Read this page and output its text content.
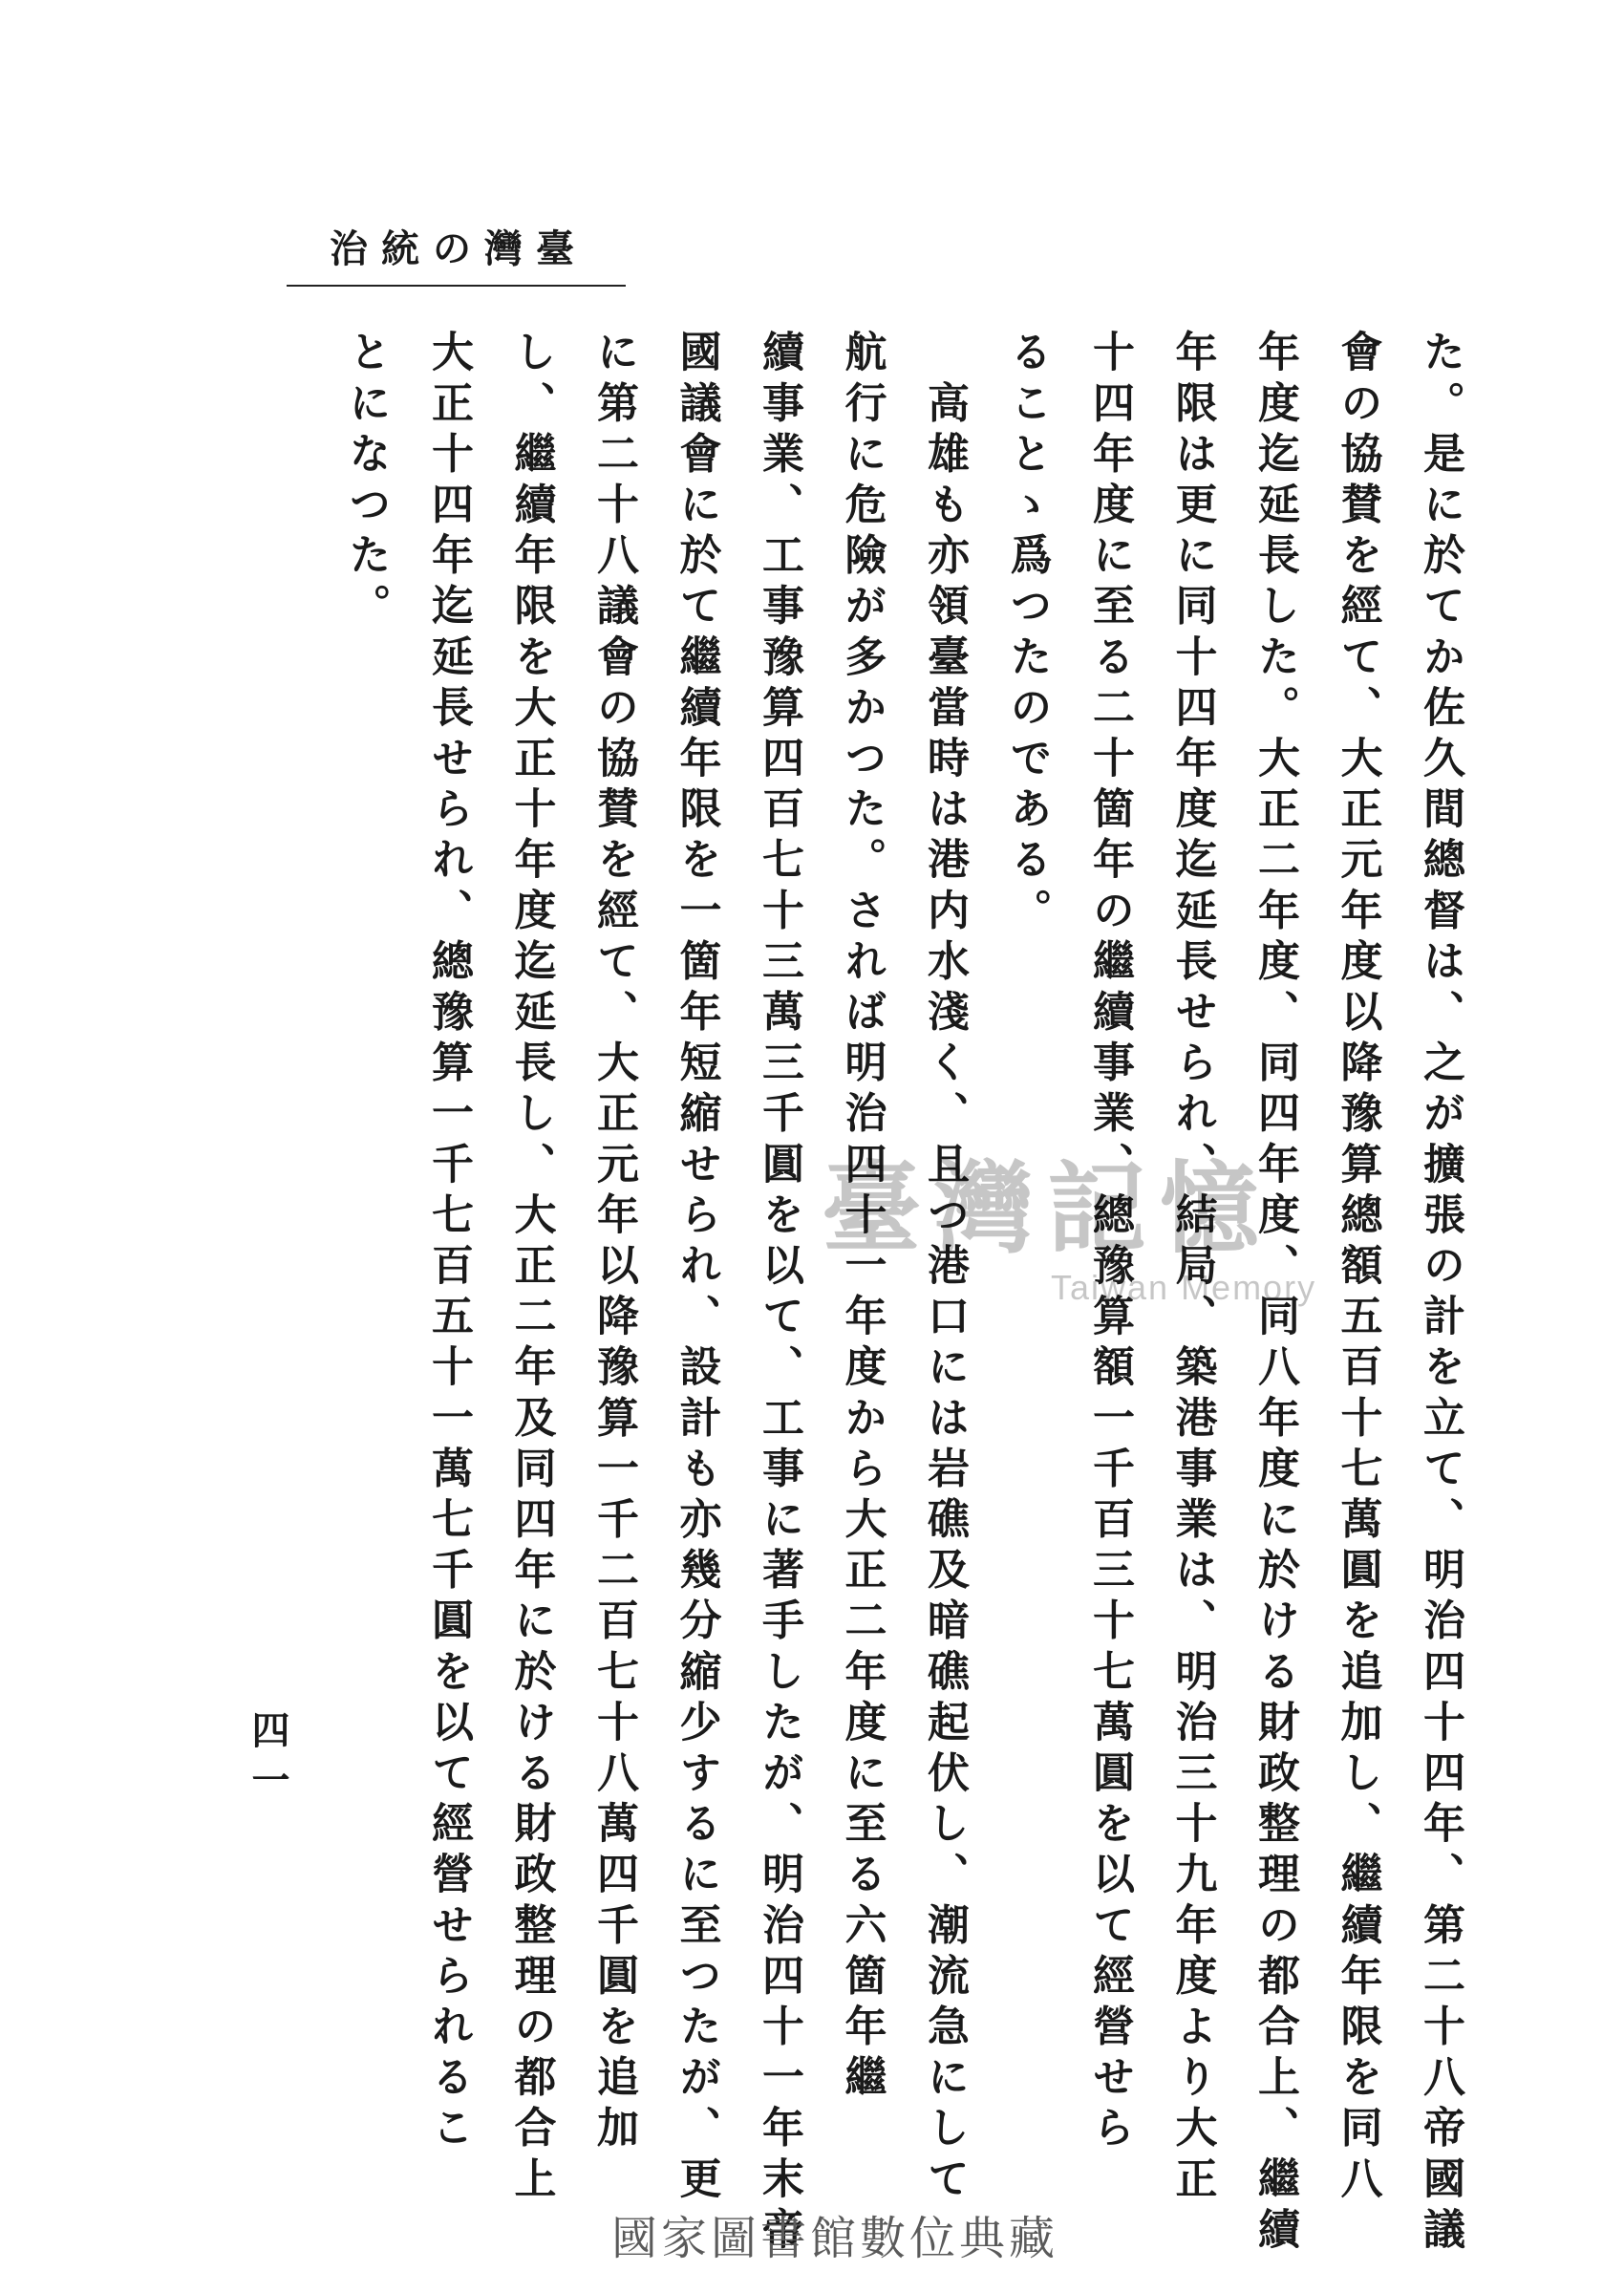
臺灣の統治
た。是に於てか佐久間總督は、之が擴張の計を立て、明治四十四年、第二十八帝國議
會の協賛を經て、大正元年度以降豫算總額五百十七萬圓を追加し、繼續年限を同八
年度迄延長した。大正二年度、同四年度、同八年度に於ける財政整理の都合上、繼續
年限は更に同十四年度迄延長せられ、結局、築港事業は、明治三十九年度より大正
十四年度に至る二十箇年の繼續事業、總豫算額一千百三十七萬圓を以て經營せら
ることゝ爲つたのである。
　高雄も亦領臺當時は港内水淺く、且つ港口には岩礁及暗礁起伏し、潮流急にして
航行に危險が多かつた。されば明治四十一年度から大正二年度に至る六箇年繼
續事業、工事豫算四百七十三萬三千圓を以て、工事に著手したが、明治四十一年末帝
國議會に於て繼續年限を一箇年短縮せられ、設計も亦幾分縮少するに至つたが、更
に第二十八議會の協賛を經て、大正元年以降豫算一千二百七十八萬四千圓を追加
し、繼續年限を大正十年度迄延長し、大正二年及同四年に於ける財政整理の都合上
大正十四年迄延長せられ、總豫算一千七百五十一萬七千圓を以て經營せられるこ
とになつた。
四一
臺灣記憶
Taiwan Memory
國家圖書館數位典藏
